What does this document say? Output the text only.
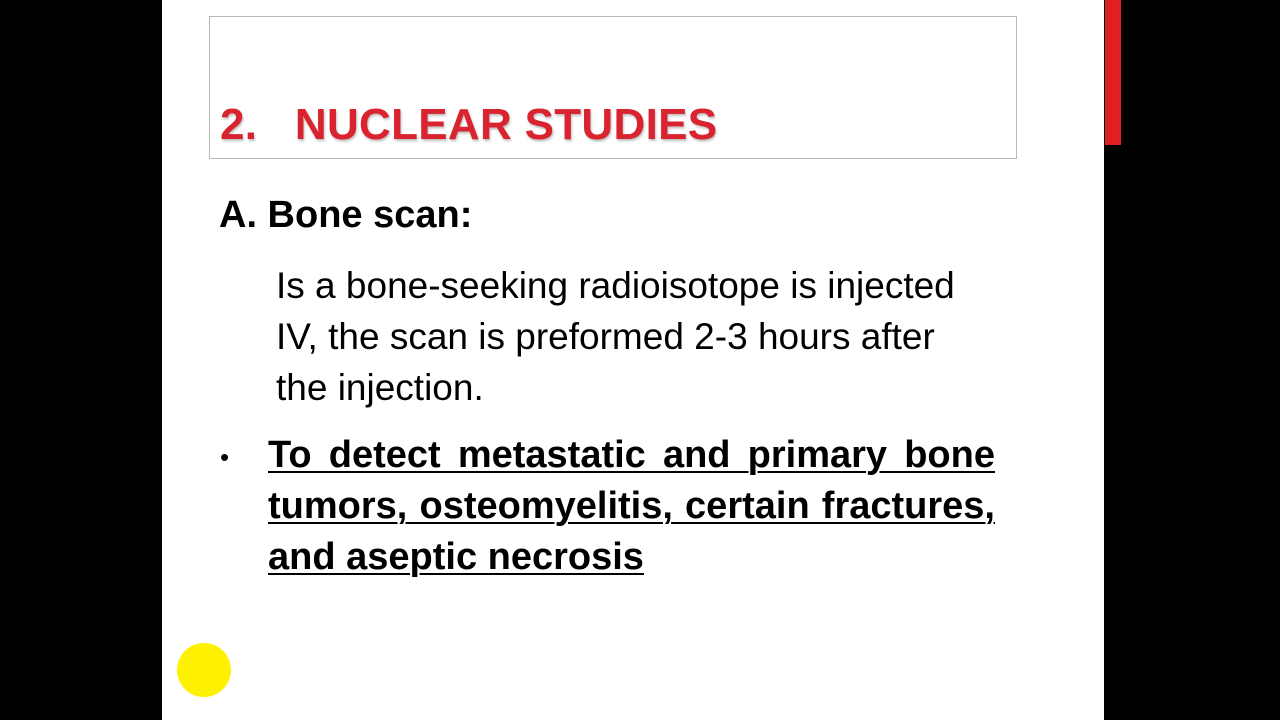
2.   NUCLEAR STUDIES
A. Bone scan:

Is a bone-seeking radioisotope is injected IV, the scan is preformed 2-3 hours after the injection.

• To detect metastatic and primary bone tumors, osteomyelitis, certain fractures, and aseptic necrosis
